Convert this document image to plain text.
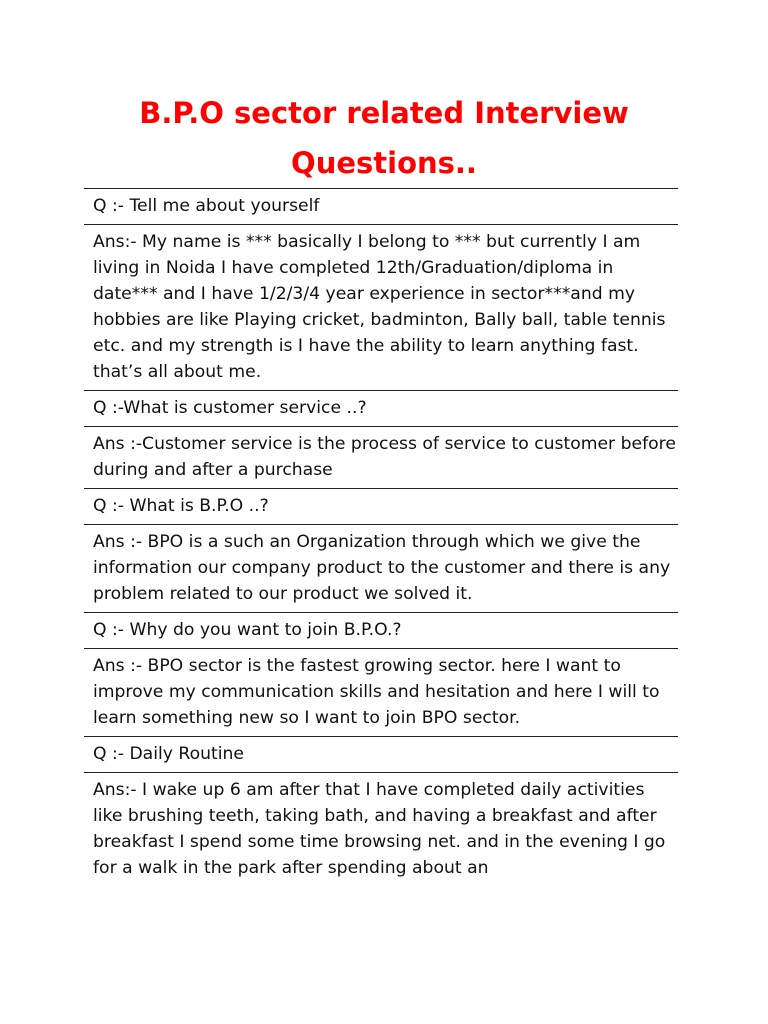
B.P.O sector related Interview Questions..
Q :- Tell me about yourself
Ans:- My name is *** basically I belong to *** but currently I am living in Noida I have completed 12th/Graduation/diploma in date*** and I have 1/2/3/4 year experience in sector***and my hobbies are like Playing cricket, badminton, Bally ball, table tennis etc. and my strength is I have the ability to learn anything fast. that’s all about me.
Q :-What is customer service ..?
Ans :-Customer service is the process of service to customer before during and after a purchase
Q :- What is B.P.O ..?
Ans :- BPO is a such an Organization through which we give the information our company product to the customer and there is any problem related to our product we solved it.
Q :- Why do you want to join B.P.O.?
Ans :- BPO sector is the fastest growing sector. here I want to improve my communication skills and hesitation and here I will to learn something new so I want to join BPO sector.
Q :- Daily Routine
Ans:- I wake up 6 am after that I have completed daily activities like brushing teeth, taking bath, and having a breakfast and after breakfast I spend some time browsing net. and in the evening I go for a walk in the park after spending about an
